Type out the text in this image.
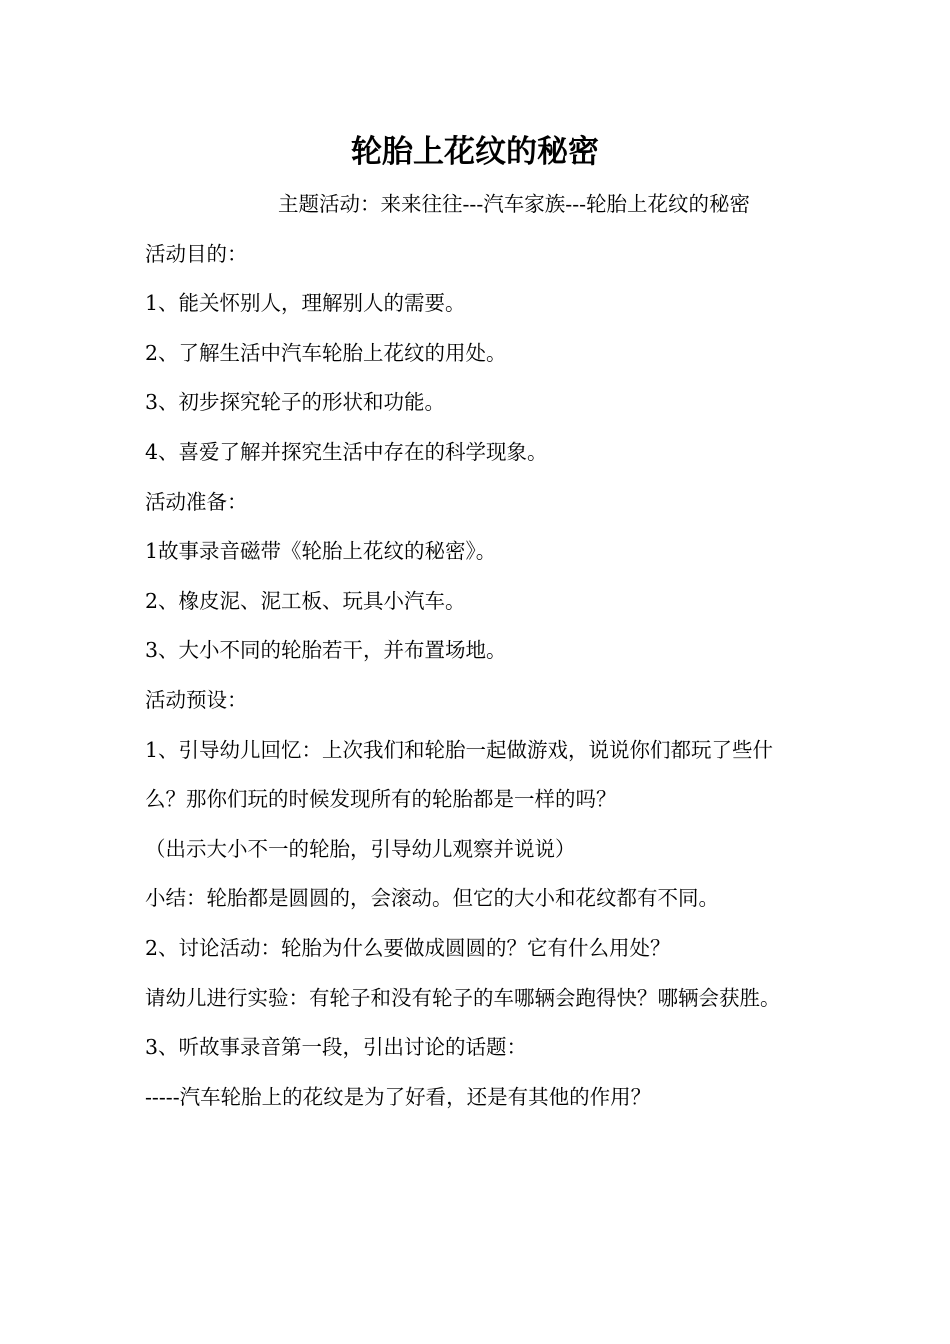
轮胎上花纹的秘密

主题活动：来来往往---汽车家族---轮胎上花纹的秘密

活动目的：

1、能关怀别人，理解别人的需要。

2、了解生活中汽车轮胎上花纹的用处。

3、初步探究轮子的形状和功能。

4、喜爱了解并探究生活中存在的科学现象。

活动准备：

1故事录音磁带《轮胎上花纹的秘密》。

2、橡皮泥、泥工板、玩具小汽车。

3、大小不同的轮胎若干，并布置场地。

活动预设：

1、引导幼儿回忆：上次我们和轮胎一起做游戏，说说你们都玩了些什么？那你们玩的时候发现所有的轮胎都是一样的吗？

（出示大小不一的轮胎，引导幼儿观察并说说）

小结：轮胎都是圆圆的，会滚动。但它的大小和花纹都有不同。

2、讨论活动：轮胎为什么要做成圆圆的？它有什么用处？

请幼儿进行实验：有轮子和没有轮子的车哪辆会跑得快？哪辆会获胜。

3、听故事录音第一段，引出讨论的话题：

-----汽车轮胎上的花纹是为了好看，还是有其他的作用？
